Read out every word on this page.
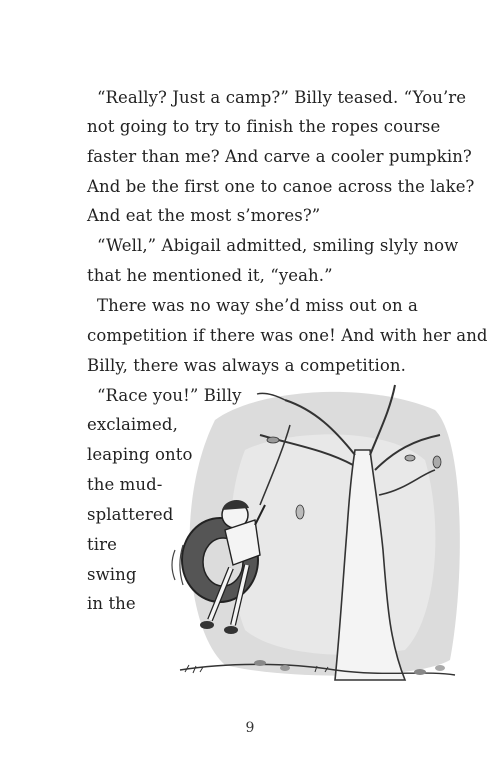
“Really? Just a camp?” Billy teased. “You’re
not going to try to finish the ropes course
faster than me? And carve a cooler pumpkin?
And be the first one to canoe across the lake?
And eat the most s’mores?”
“Well,” Abigail admitted, smiling slyly now
that he mentioned it, “yeah.”
There was no way she’d miss out on a
competition if there was one! And with her and
Billy, there was always a competition.
“Race you!” Billy
exclaimed,
leaping onto
the mud-
splattered
tire
swing
in the
9
